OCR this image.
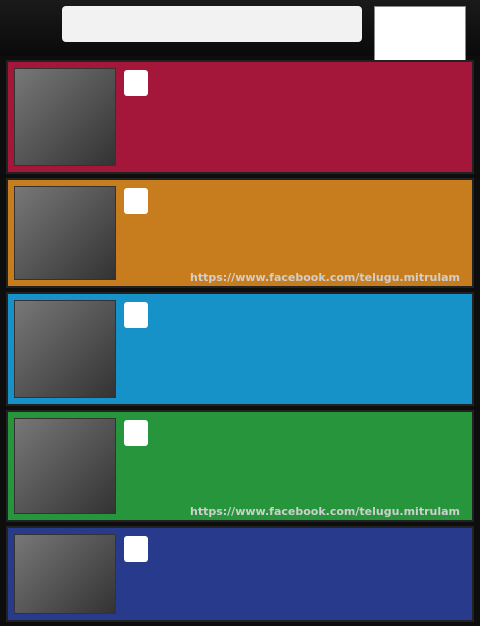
https://www.facebook.com/telugu.mitrulam
https://www.facebook.com/telugu.mitrulam
